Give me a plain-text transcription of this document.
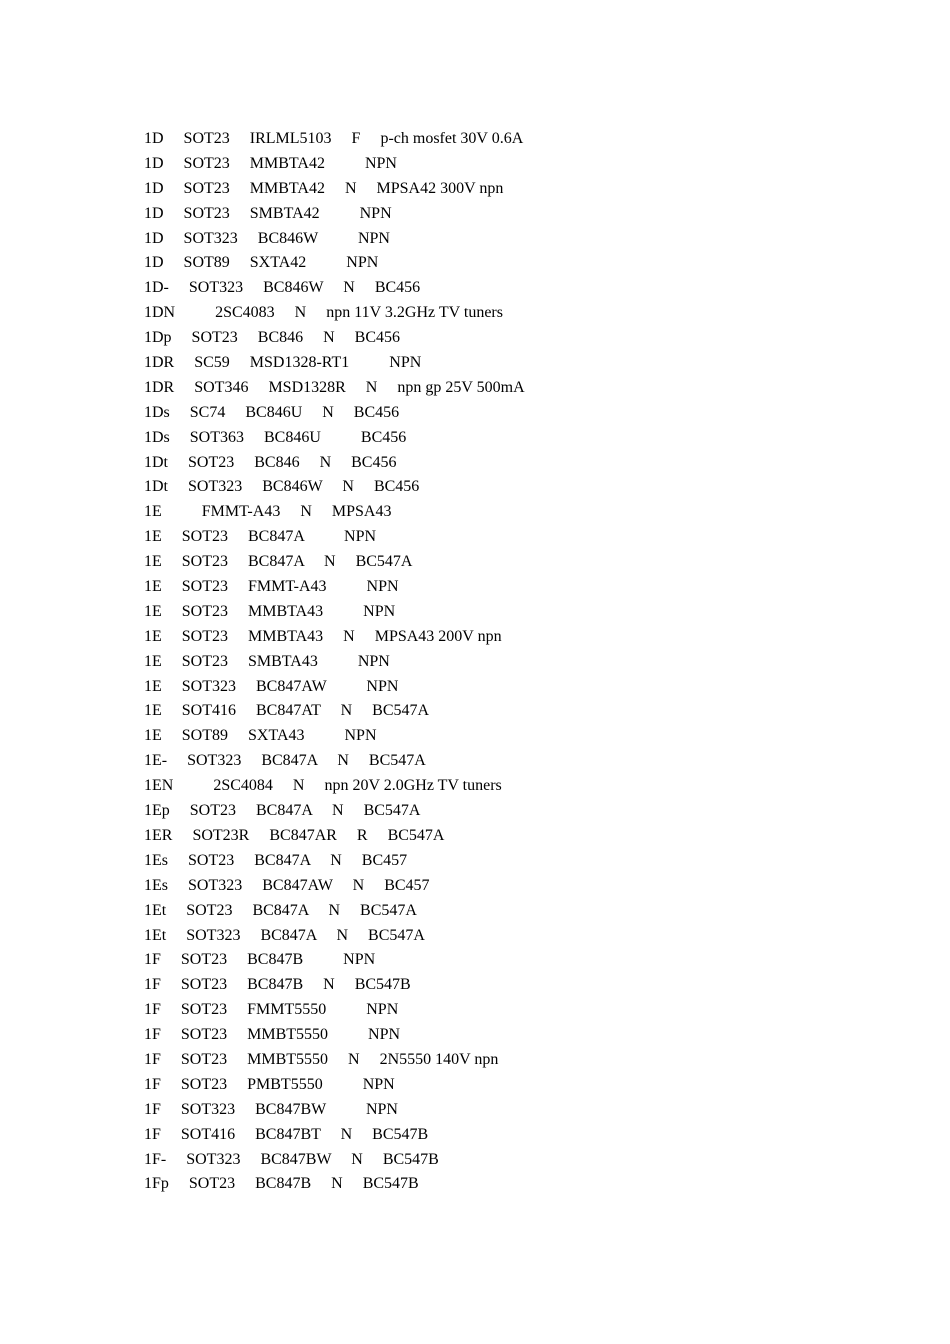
1D     SOT23     IRLML5103     F     p-ch mosfet 30V 0.6A
1D     SOT23     MMBTA42          NPN
1D     SOT23     MMBTA42     N     MPSA42 300V npn
1D     SOT23     SMBTA42          NPN
1D     SOT323     BC846W          NPN
1D     SOT89     SXTA42          NPN
1D-     SOT323     BC846W     N     BC456
1DN          2SC4083     N     npn 11V 3.2GHz TV tuners
1Dp     SOT23     BC846     N     BC456
1DR     SC59     MSD1328-RT1          NPN
1DR     SOT346     MSD1328R     N     npn gp 25V 500mA
1Ds     SC74     BC846U     N     BC456
1Ds     SOT363     BC846U          BC456
1Dt     SOT23     BC846     N     BC456
1Dt     SOT323     BC846W     N     BC456
1E          FMMT-A43     N     MPSA43
1E     SOT23     BC847A          NPN
1E     SOT23     BC847A     N     BC547A
1E     SOT23     FMMT-A43          NPN
1E     SOT23     MMBTA43          NPN
1E     SOT23     MMBTA43     N     MPSA43 200V npn
1E     SOT23     SMBTA43          NPN
1E     SOT323     BC847AW          NPN
1E     SOT416     BC847AT     N     BC547A
1E     SOT89     SXTA43          NPN
1E-     SOT323     BC847A     N     BC547A
1EN          2SC4084     N     npn 20V 2.0GHz TV tuners
1Ep     SOT23     BC847A     N     BC547A
1ER     SOT23R     BC847AR     R     BC547A
1Es     SOT23     BC847A     N     BC457
1Es     SOT323     BC847AW     N     BC457
1Et     SOT23     BC847A     N     BC547A
1Et     SOT323     BC847A     N     BC547A
1F     SOT23     BC847B          NPN
1F     SOT23     BC847B     N     BC547B
1F     SOT23     FMMT5550          NPN
1F     SOT23     MMBT5550          NPN
1F     SOT23     MMBT5550     N     2N5550 140V npn
1F     SOT23     PMBT5550          NPN
1F     SOT323     BC847BW          NPN
1F     SOT416     BC847BT     N     BC547B
1F-     SOT323     BC847BW     N     BC547B
1Fp     SOT23     BC847B     N     BC547B
